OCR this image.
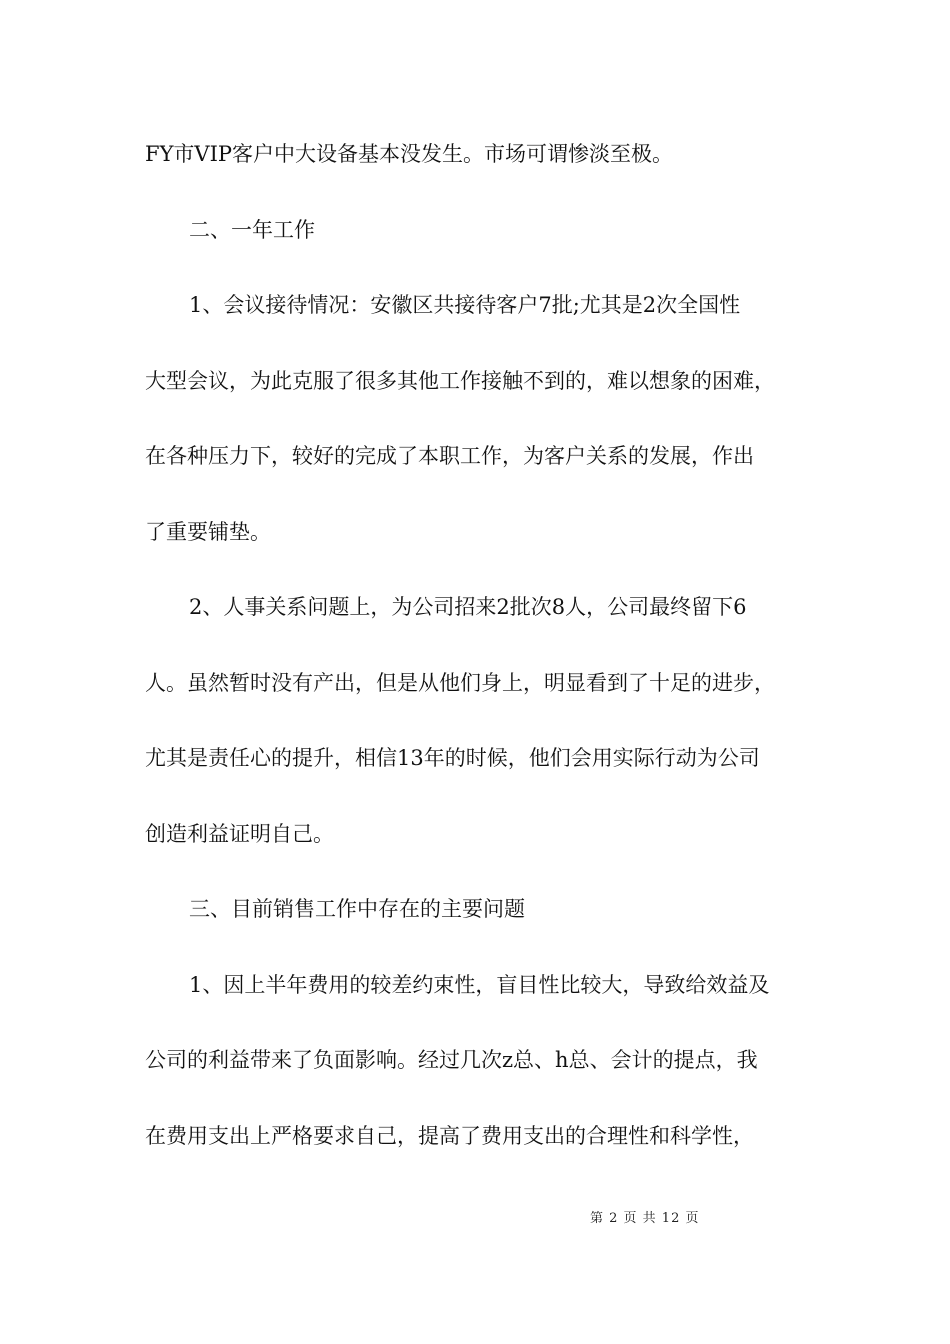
FY市VIP客户中大设备基本没发生。市场可谓惨淡至极。

二、一年工作

1、会议接待情况：安徽区共接待客户7批;尤其是2次全国性

大型会议，为此克服了很多其他工作接触不到的，难以想象的困难，

在各种压力下，较好的完成了本职工作，为客户关系的发展，作出

了重要铺垫。

2、人事关系问题上，为公司招来2批次8人，公司最终留下6

人。虽然暂时没有产出，但是从他们身上，明显看到了十足的进步，

尤其是责任心的提升，相信13年的时候，他们会用实际行动为公司

创造利益证明自己。

三、目前销售工作中存在的主要问题

1、因上半年费用的较差约束性，盲目性比较大，导致给效益及

公司的利益带来了负面影响。经过几次z总、h总、会计的提点，我

在费用支出上严格要求自己，提高了费用支出的合理性和科学性，

第 2 页 共 12 页
